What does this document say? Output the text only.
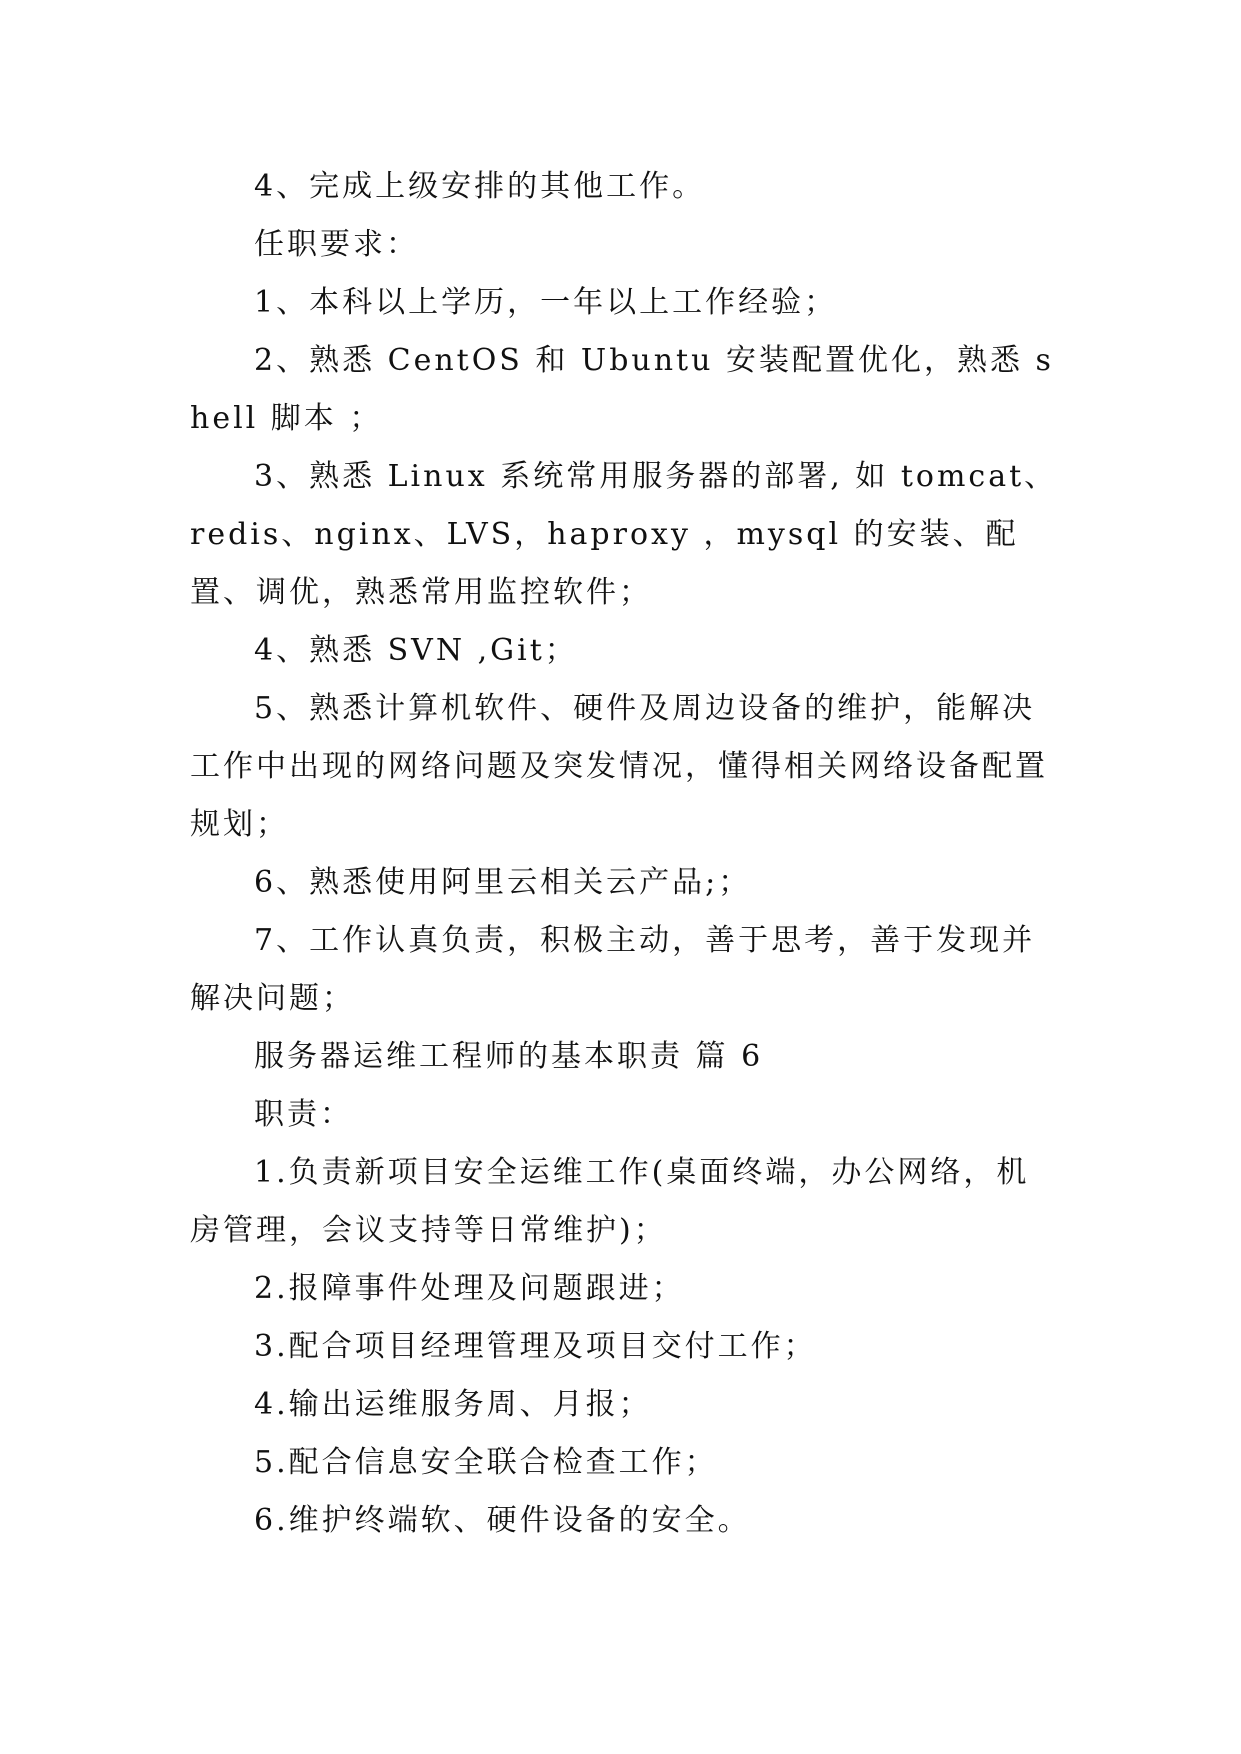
4、完成上级安排的其他工作。

任职要求：

1、本科以上学历，一年以上工作经验；

2、熟悉 CentOS 和 Ubuntu 安装配置优化，熟悉 shell 脚本 ；

3、熟悉 Linux 系统常用服务器的部署, 如 tomcat、redis、nginx、LVS，haproxy ，mysql 的安装、配置、调优，熟悉常用监控软件；

4、熟悉 SVN ,Git；

5、熟悉计算机软件、硬件及周边设备的维护，能解决工作中出现的网络问题及突发情况，懂得相关网络设备配置规划；

6、熟悉使用阿里云相关云产品;；

7、工作认真负责，积极主动，善于思考，善于发现并解决问题；

服务器运维工程师的基本职责 篇 6

职责：

1.负责新项目安全运维工作(桌面终端，办公网络，机房管理，会议支持等日常维护)；

2.报障事件处理及问题跟进；

3.配合项目经理管理及项目交付工作；

4.输出运维服务周、月报；

5.配合信息安全联合检查工作；

6.维护终端软、硬件设备的安全。
